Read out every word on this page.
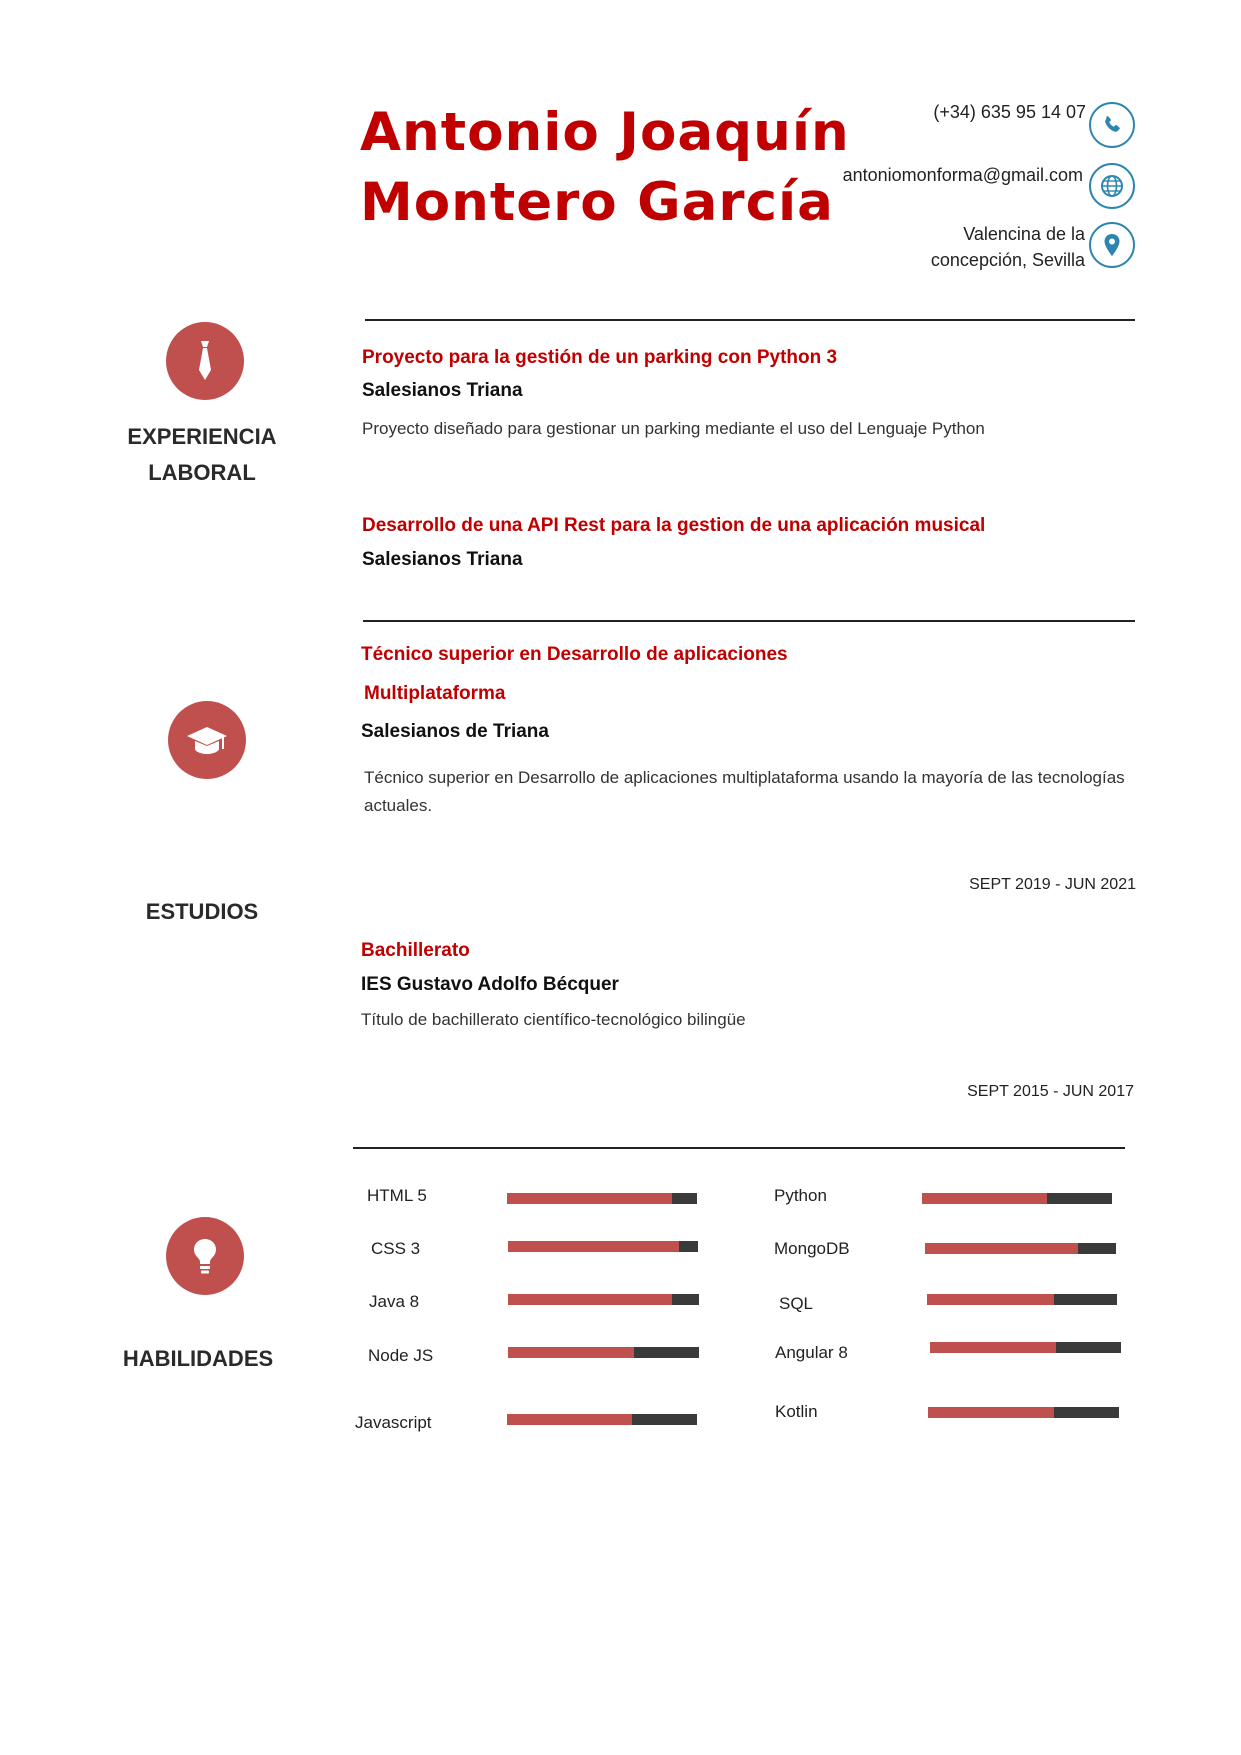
Antonio Joaquín
Montero García
(+34) 635 95 14 07
antoniomonforma@gmail.com
Valencina de la
concepción, Sevilla
EXPERIENCIA
LABORAL
Proyecto para la gestión de un parking con Python 3
Salesianos Triana
Proyecto diseñado para gestionar un parking mediante el uso del Lenguaje Python
Desarrollo de una API Rest para la gestion de una aplicación musical
Salesianos Triana
ESTUDIOS
Técnico superior en Desarrollo de aplicaciones
Multiplataforma
Salesianos de Triana
Técnico superior en Desarrollo de aplicaciones multiplataforma usando la mayoría de las tecnologías
actuales.
SEPT 2019 - JUN 2021
Bachillerato
IES Gustavo Adolfo Bécquer
Título de bachillerato científico-tecnológico bilingüe
SEPT 2015 - JUN 2017
HABILIDADES
HTML 5
CSS 3
Java 8
Node JS
Javascript
Python
MongoDB
SQL
Angular 8
Kotlin
